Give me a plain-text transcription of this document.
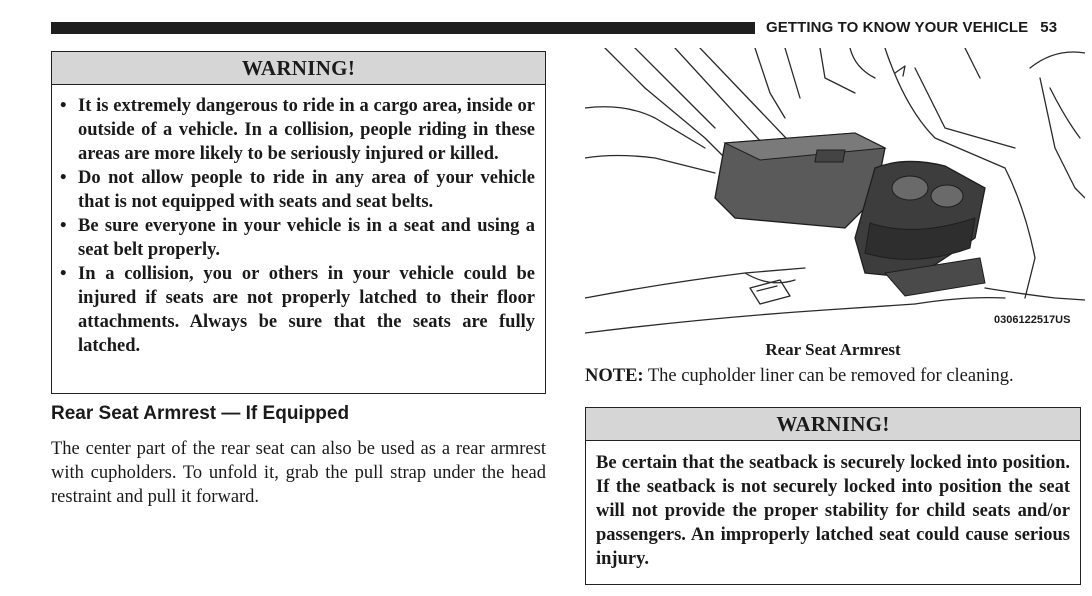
GETTING TO KNOW YOUR VEHICLE 53
WARNING!
• It is extremely dangerous to ride in a cargo area, inside or outside of a vehicle. In a collision, people riding in these areas are more likely to be seriously injured or killed.
• Do not allow people to ride in any area of your vehicle that is not equipped with seats and seat belts.
• Be sure everyone in your vehicle is in a seat and using a seat belt properly.
• In a collision, you or others in your vehicle could be injured if seats are not properly latched to their floor attachments. Always be sure that the seats are fully latched.
Rear Seat Armrest — If Equipped
The center part of the rear seat can also be used as a rear armrest with cupholders. To unfold it, grab the pull strap under the head restraint and pull it forward.
0306122517US
Rear Seat Armrest
NOTE: The cupholder liner can be removed for cleaning.
WARNING!
Be certain that the seatback is securely locked into position. If the seatback is not securely locked into position the seat will not provide the proper stability for child seats and/or passengers. An improperly latched seat could cause serious injury.
